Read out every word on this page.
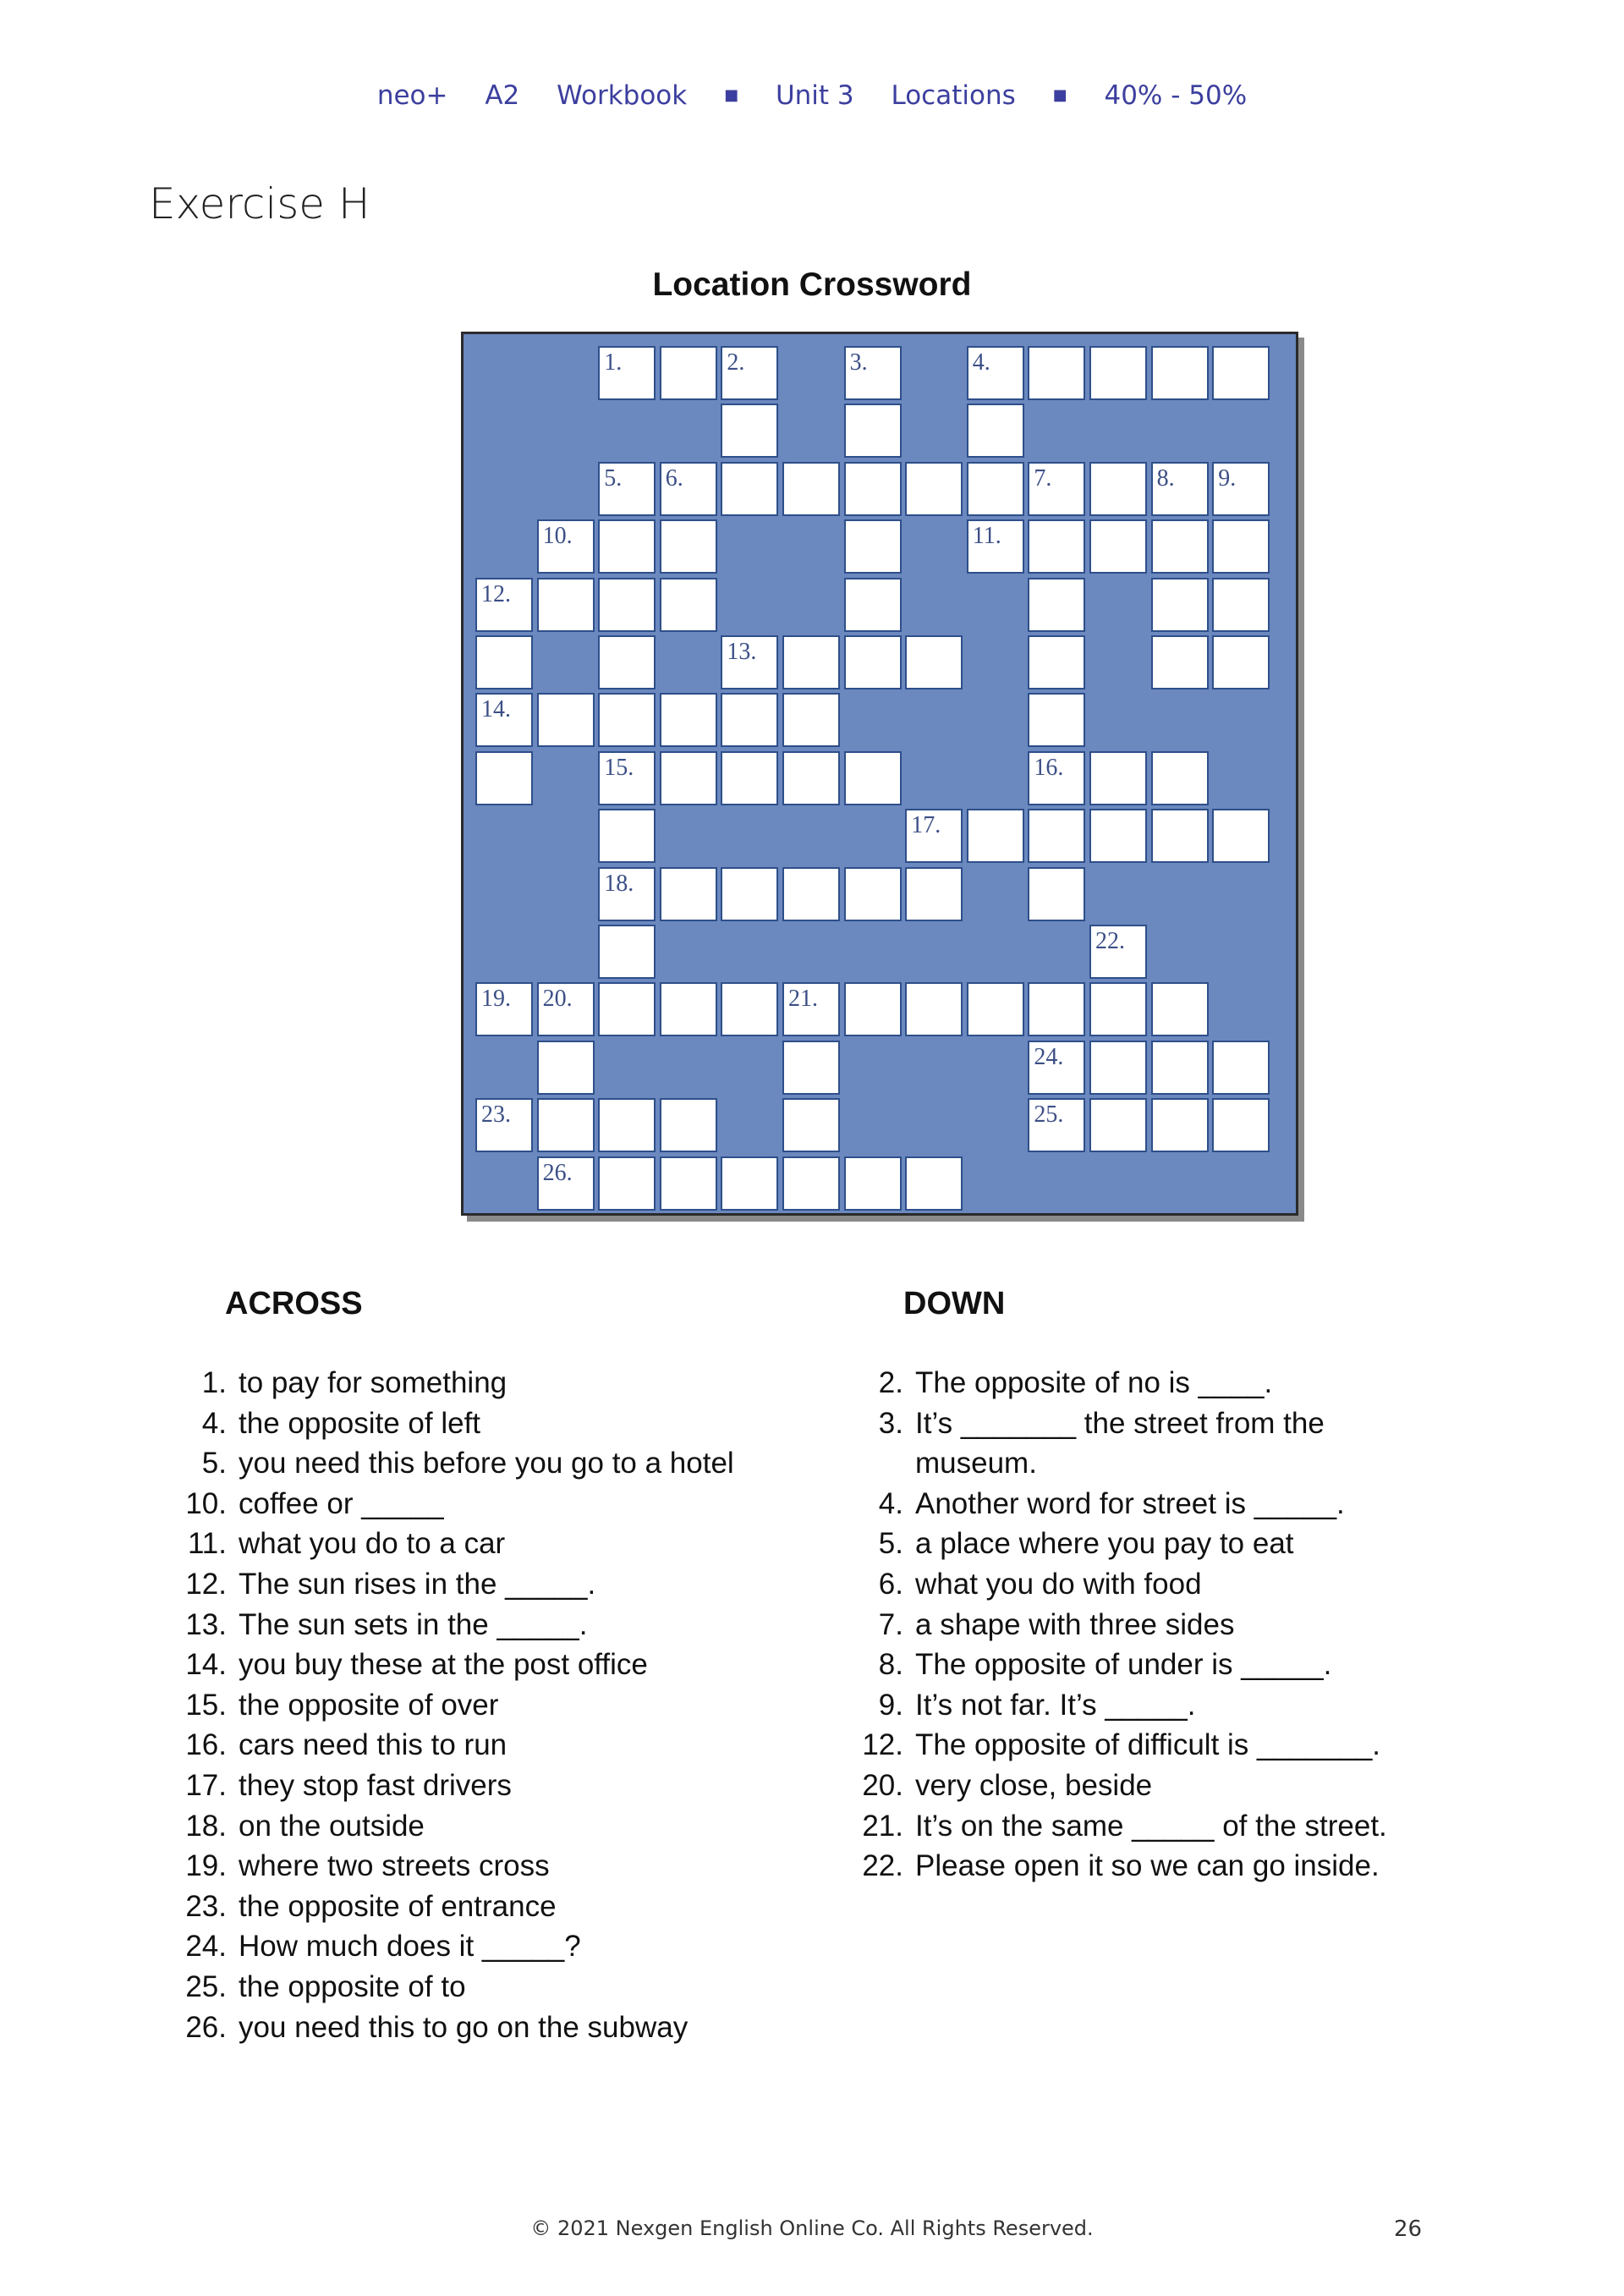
neo+ A2 Workbook ■ Unit 3 Locations ■ 40% - 50%
Exercise H
Location Crossword
1.	2.	3.	4.
5. 6.	7.	8. 9.
10.	11.
12.
13.
14.
15.	16.
17.
18.
22.
19. 20.	21.
24.
23.	25.
26.
ACROSS
1. to pay for something
4. the opposite of left
5. you need this before you go to a hotel
10. coffee or _____
11. what you do to a car
12. The sun rises in the _____.
13. The sun sets in the _____.
14. you buy these at the post office
15. the opposite of over
16. cars need this to run
17. they stop fast drivers
18. on the outside
19. where two streets cross
23. the opposite of entrance
24. How much does it _____?
25. the opposite of to
26. you need this to go on the subway
DOWN
2. The opposite of no is ____.
3. It’s _______ the street from the
museum.
4. Another word for street is _____.
5. a place where you pay to eat
6. what you do with food
7. a shape with three sides
8. The opposite of under is _____.
9. It’s not far. It’s _____.
12. The opposite of difficult is _______.
20. very close, beside
21. It’s on the same _____ of the street.
22. Please open it so we can go inside.
© 2021 Nexgen English Online Co. All Rights Reserved.	26
